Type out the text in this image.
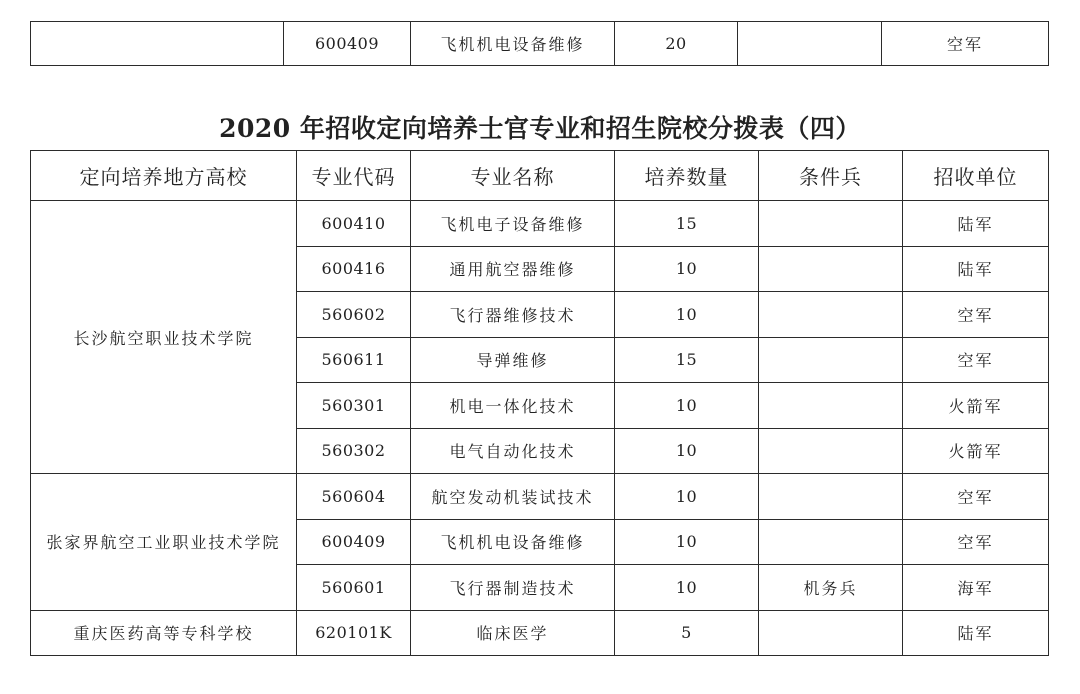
	600409	飞机机电设备维修	20		空军
2020 年招收定向培养士官专业和招生院校分拨表（四）
定向培养地方高校	专业代码	专业名称	培养数量	条件兵	招收单位
长沙航空职业技术学院	600410	飞机电子设备维修	15		陆军
	600416	通用航空器维修	10		陆军
	560602	飞行器维修技术	10		空军
	560611	导弹维修	15		空军
	560301	机电一体化技术	10		火箭军
	560302	电气自动化技术	10		火箭军
张家界航空工业职业技术学院	560604	航空发动机装试技术	10		空军
	600409	飞机机电设备维修	10		空军
	560601	飞行器制造技术	10	机务兵	海军
重庆医药高等专科学校	620101K	临床医学	5		陆军
